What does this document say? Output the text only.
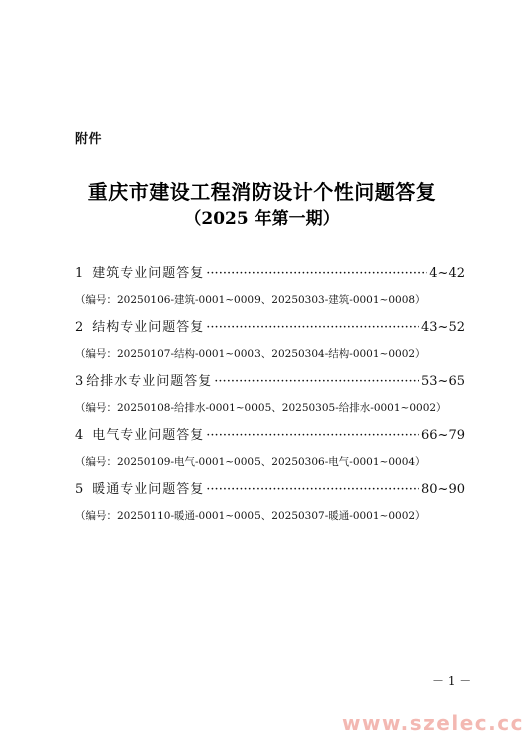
附件
重庆市建设工程消防设计个性问题答复
（2025 年第一期）
1 建筑专业问题答复 ·····	4~42
（编号：20250106-建筑-0001~0009、20250303-建筑-0001~0008）
2 结构专业问题答复 ·····	43~52
（编号：20250107-结构-0001~0003、20250304-结构-0001~0002）
3 给排水专业问题答复 ·····	53~65
（编号：20250108-给排水-0001~0005、20250305-给排水-0001~0002）
4 电气专业问题答复 ·····	66~79
（编号：20250109-电气-0001~0005、20250306-电气-0001~0004）
5 暖通专业问题答复 ·····	80~90
（编号：20250110-暖通-0001~0005、20250307-暖通-0001~0002）
－ 1 －
www.szelec.cc
